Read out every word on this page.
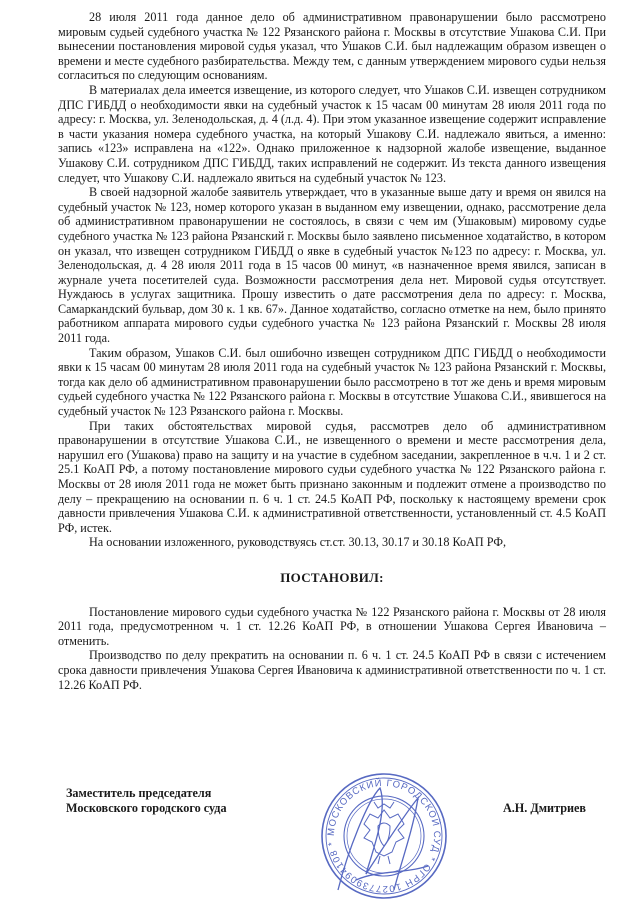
28 июля 2011 года данное дело об административном правонарушении было рассмотрено мировым судьей судебного участка № 122 Рязанского района г. Москвы в отсутствие Ушакова С.И. При вынесении постановления мировой судья указал, что Ушаков С.И. был надлежащим образом извещен о времени и месте судебного разбирательства. Между тем, с данным утверждением мирового судьи нельзя согласиться по следующим основаниям.

В материалах дела имеется извещение, из которого следует, что Ушаков С.И. извещен сотрудником ДПС ГИБДД о необходимости явки на судебный участок к 15 часам 00 минутам 28 июля 2011 года по адресу: г. Москва, ул. Зеленодольская, д. 4 (л.д. 4). При этом указанное извещение содержит исправление в части указания номера судебного участка, на который Ушакову С.И. надлежало явиться, а именно: запись «123» исправлена на «122». Однако приложенное к надзорной жалобе извещение, выданное Ушакову С.И. сотрудником ДПС ГИБДД, таких исправлений не содержит. Из текста данного извещения следует, что Ушакову С.И. надлежало явиться на судебный участок № 123.

В своей надзорной жалобе заявитель утверждает, что в указанные выше дату и время он явился на судебный участок № 123, номер которого указан в выданном ему извещении, однако, рассмотрение дела об административном правонарушении не состоялось, в связи с чем им (Ушаковым) мировому судье судебного участка № 123 района Рязанский г. Москвы было заявлено письменное ходатайство, в котором он указал, что извещен сотрудником ГИБДД о явке в судебный участок №123 по адресу: г. Москва, ул. Зеленодольская, д. 4 28 июля 2011 года в 15 часов 00 минут, «в назначенное время явился, записан в журнале учета посетителей суда. Возможности рассмотрения дела нет. Мировой судья отсутствует. Нуждаюсь в услугах защитника. Прошу известить о дате рассмотрения дела по адресу: г. Москва, Самаркандский бульвар, дом 30 к. 1 кв. 67». Данное ходатайство, согласно отметке на нем, было принято работником аппарата мирового судьи судебного участка № 123 района Рязанский г. Москвы 28 июля 2011 года.

Таким образом, Ушаков С.И. был ошибочно извещен сотрудником ДПС ГИБДД о необходимости явки к 15 часам 00 минутам 28 июля 2011 года на судебный участок № 123 района Рязанский г. Москвы, тогда как дело об административном правонарушении было рассмотрено в тот же день и время мировым судьей судебного участка № 122 Рязанского района г. Москвы в отсутствие Ушакова С.И., явившегося на судебный участок № 123 Рязанского района г. Москвы.

При таких обстоятельствах мировой судья, рассмотрев дело об административном правонарушении в отсутствие Ушакова С.И., не извещенного о времени и месте рассмотрения дела, нарушил его (Ушакова) право на защиту и на участие в судебном заседании, закрепленное в ч.ч. 1 и 2 ст. 25.1 КоАП РФ, а потому постановление мирового судьи судебного участка № 122 Рязанского района г. Москвы от 28 июля 2011 года не может быть признано законным и подлежит отмене а производство по делу – прекращению на основании п. 6 ч. 1 ст. 24.5 КоАП РФ, поскольку к настоящему времени срок давности привлечения Ушакова С.И. к административной ответственности, установленный ст. 4.5 КоАП РФ, истек.

На основании изложенного, руководствуясь ст.ст. 30.13, 30.17 и 30.18 КоАП РФ,

ПОСТАНОВИЛ:

Постановление мирового судьи судебного участка № 122 Рязанского района г. Москвы от 28 июля 2011 года, предусмотренном ч. 1 ст. 12.26 КоАП РФ, в отношении Ушакова Сергея Ивановича – отменить.

Производство по делу прекратить на основании п. 6 ч. 1 ст. 24.5 КоАП РФ в связи с истечением срока давности привлечения Ушакова Сергея Ивановича к административной ответственности по ч. 1 ст. 12.26 КоАП РФ.

МОСКОВСКИЙ ГОРОДСКОЙ СУД * ОГРН 1027739094108 *
Заместитель председателя
Московского городского суда	А.Н. Дмитриев
